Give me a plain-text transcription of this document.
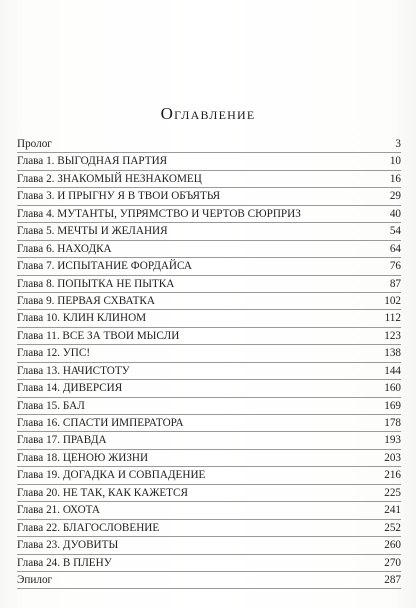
Оглавление
Пролог	3
Глава 1. ВЫГОДНАЯ ПАРТИЯ	10
Глава 2. ЗНАКОМЫЙ НЕЗНАКОМЕЦ	16
Глава 3. И ПРЫГНУ Я В ТВОИ ОБЪЯТЬЯ	29
Глава 4. МУТАНТЫ, УПРЯМСТВО И ЧЕРТОВ СЮРПРИЗ	40
Глава 5. МЕЧТЫ И ЖЕЛАНИЯ	54
Глава 6. НАХОДКА	64
Глава 7. ИСПЫТАНИЕ ФОРДАЙСА	76
Глава 8. ПОПЫТКА НЕ ПЫТКА	87
Глава 9. ПЕРВАЯ СХВАТКА	102
Глава 10. КЛИН КЛИНОМ	112
Глава 11. ВСЕ ЗА ТВОИ МЫСЛИ	123
Глава 12. УПС!	138
Глава 13. НАЧИСТОТУ	144
Глава 14. ДИВЕРСИЯ	160
Глава 15. БАЛ	169
Глава 16. СПАСТИ ИМПЕРАТОРА	178
Глава 17. ПРАВДА	193
Глава 18. ЦЕНОЮ ЖИЗНИ	203
Глава 19. ДОГАДКА И СОВПАДЕНИЕ	216
Глава 20. НЕ ТАК, КАК КАЖЕТСЯ	225
Глава 21. ОХОТА	241
Глава 22. БЛАГОСЛОВЕНИЕ	252
Глава 23. ДУОВИТЫ	260
Глава 24. В ПЛЕНУ	270
Эпилог	287
